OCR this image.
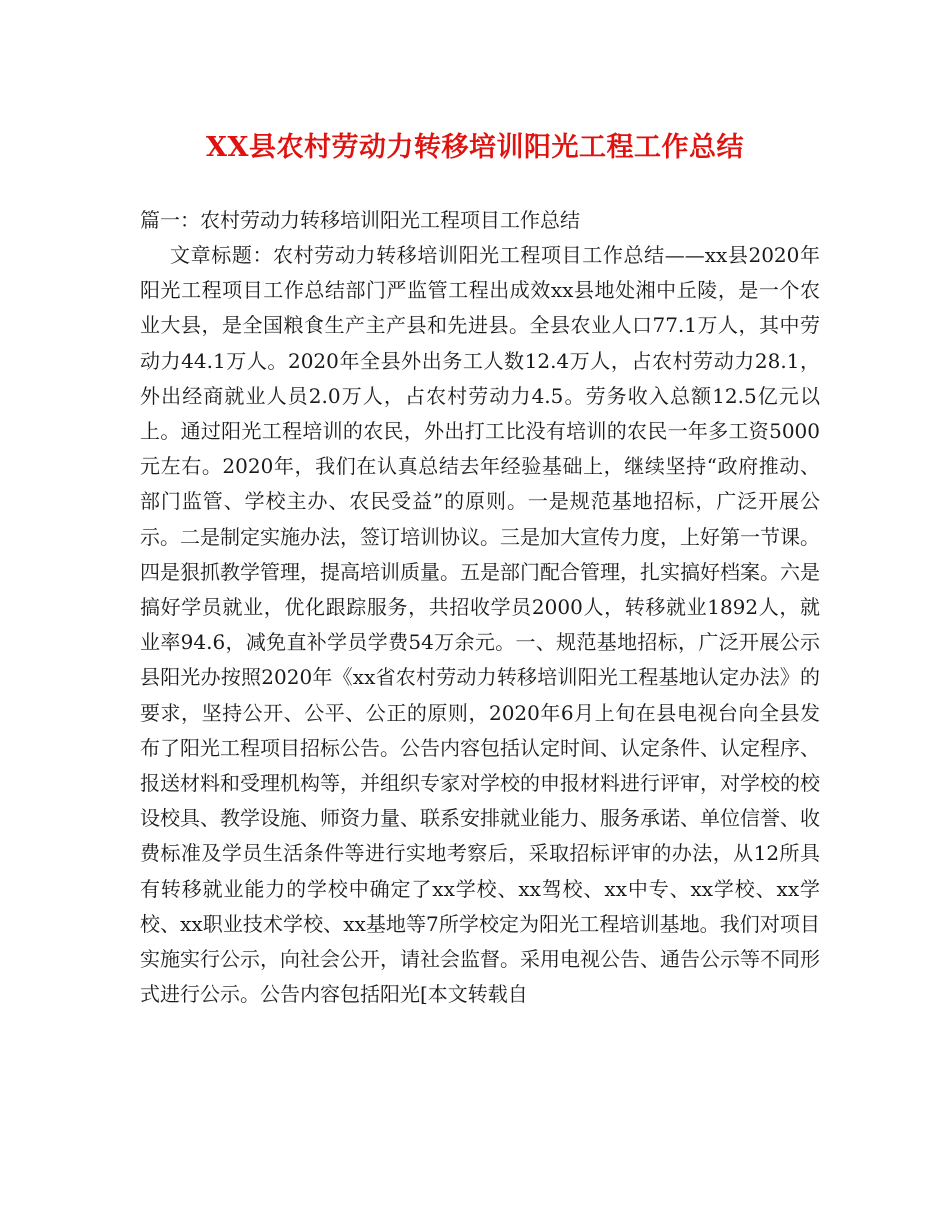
XX县农村劳动力转移培训阳光工程工作总结

篇一：农村劳动力转移培训阳光工程项目工作总结

文章标题：农村劳动力转移培训阳光工程项目工作总结——xx县2020年阳光工程项目工作总结部门严监管工程出成效xx县地处湘中丘陵，是一个农业大县，是全国粮食生产主产县和先进县。全县农业人口77.1万人，其中劳动力44.1万人。2020年全县外出务工人数12.4万人，占农村劳动力28.1，外出经商就业人员2.0万人，占农村劳动力4.5。劳务收入总额12.5亿元以上。通过阳光工程培训的农民，外出打工比没有培训的农民一年多工资5000元左右。2020年，我们在认真总结去年经验基础上，继续坚持“政府推动、部门监管、学校主办、农民受益”的原则。一是规范基地招标，广泛开展公示。二是制定实施办法，签订培训协议。三是加大宣传力度，上好第一节课。四是狠抓教学管理，提高培训质量。五是部门配合管理，扎实搞好档案。六是搞好学员就业，优化跟踪服务，共招收学员2000人，转移就业1892人，就业率94.6，减免直补学员学费54万余元。一、规范基地招标，广泛开展公示县阳光办按照2020年《xx省农村劳动力转移培训阳光工程基地认定办法》的要求，坚持公开、公平、公正的原则，2020年6月上旬在县电视台向全县发布了阳光工程项目招标公告。公告内容包括认定时间、认定条件、认定程序、报送材料和受理机构等，并组织专家对学校的申报材料进行评审，对学校的校设校具、教学设施、师资力量、联系安排就业能力、服务承诺、单位信誉、收费标准及学员生活条件等进行实地考察后，采取招标评审的办法，从12所具有转移就业能力的学校中确定了xx学校、xx驾校、xx中专、xx学校、xx学校、xx职业技术学校、xx基地等7所学校定为阳光工程培训基地。我们对项目实施实行公示，向社会公开，请社会监督。采用电视公告、通告公示等不同形式进行公示。公告内容包括阳光[本文转载自
